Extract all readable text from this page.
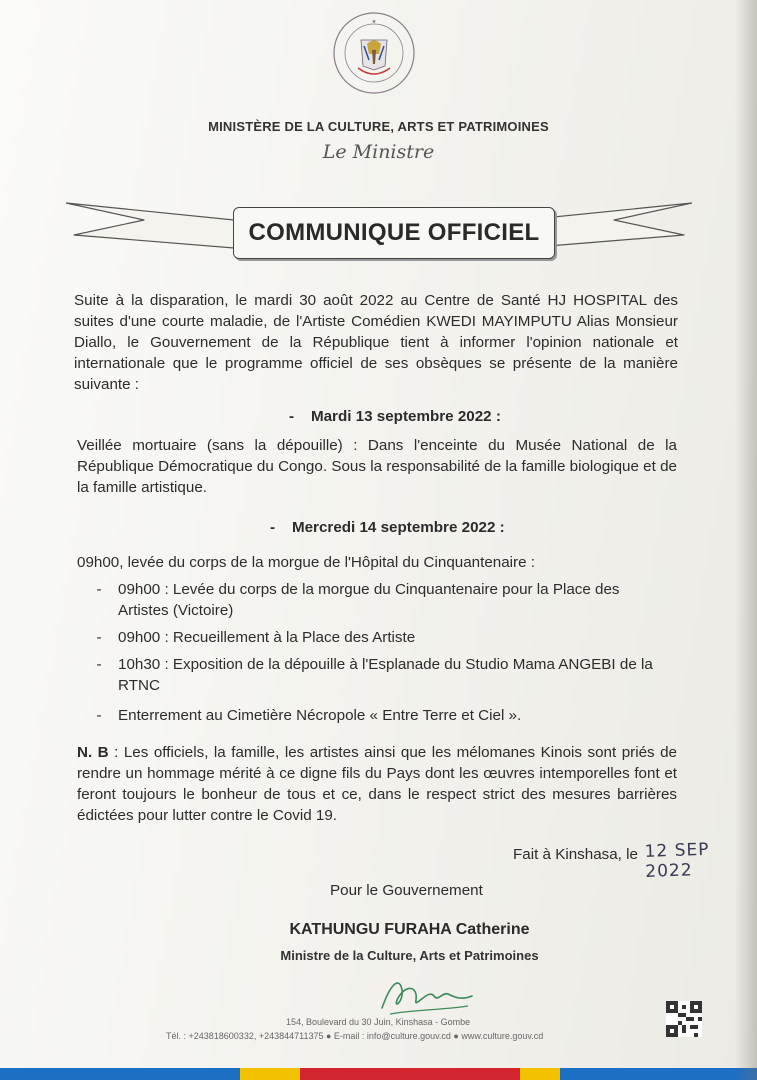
★
MINISTÈRE DE LA CULTURE, ARTS ET PATRIMOINES
Le Ministre
COMMUNIQUE OFFICIEL
Suite à la disparation, le mardi 30 août 2022 au Centre de Santé HJ HOSPITAL des suites d'une courte maladie, de l'Artiste Comédien KWEDI MAYIMPUTU Alias Monsieur Diallo, le Gouvernement de la République tient à informer l'opinion nationale et internationale que le programme officiel de ses obsèques se présente de la manière suivante :
- Mardi 13 septembre 2022 :
Veillée mortuaire (sans la dépouille) : Dans l'enceinte du Musée National de la République Démocratique du Congo. Sous la responsabilité de la famille biologique et de la famille artistique.
- Mercredi 14 septembre 2022 :
09h00, levée du corps de la morgue de l'Hôpital du Cinquantenaire :
- 09h00 : Levée du corps de la morgue du Cinquantenaire pour la Place des
Artistes (Victoire)
- 09h00 : Recueillement à la Place des Artiste
- 10h30 : Exposition de la dépouille à l'Esplanade du Studio Mama ANGEBI de la
RTNC
- Enterrement au Cimetière Nécropole « Entre Terre et Ciel ».
N. B : Les officiels, la famille, les artistes ainsi que les mélomanes Kinois sont priés de rendre un hommage mérité à ce digne fils du Pays dont les œuvres intemporelles font et feront toujours le bonheur de tous et ce, dans le respect strict des mesures barrières édictées pour lutter contre le Covid 19.
Fait à Kinshasa, le 12 SEP 2022
Pour le Gouvernement
KATHUNGU FURAHA Catherine
Ministre de la Culture, Arts et Patrimoines
154, Boulevard du 30 Juin, Kinshasa - Gombe
Tél. : +243818600332, +243844711375 ● E-mail : info@culture.gouv.cd ● www.culture.gouv.cd
